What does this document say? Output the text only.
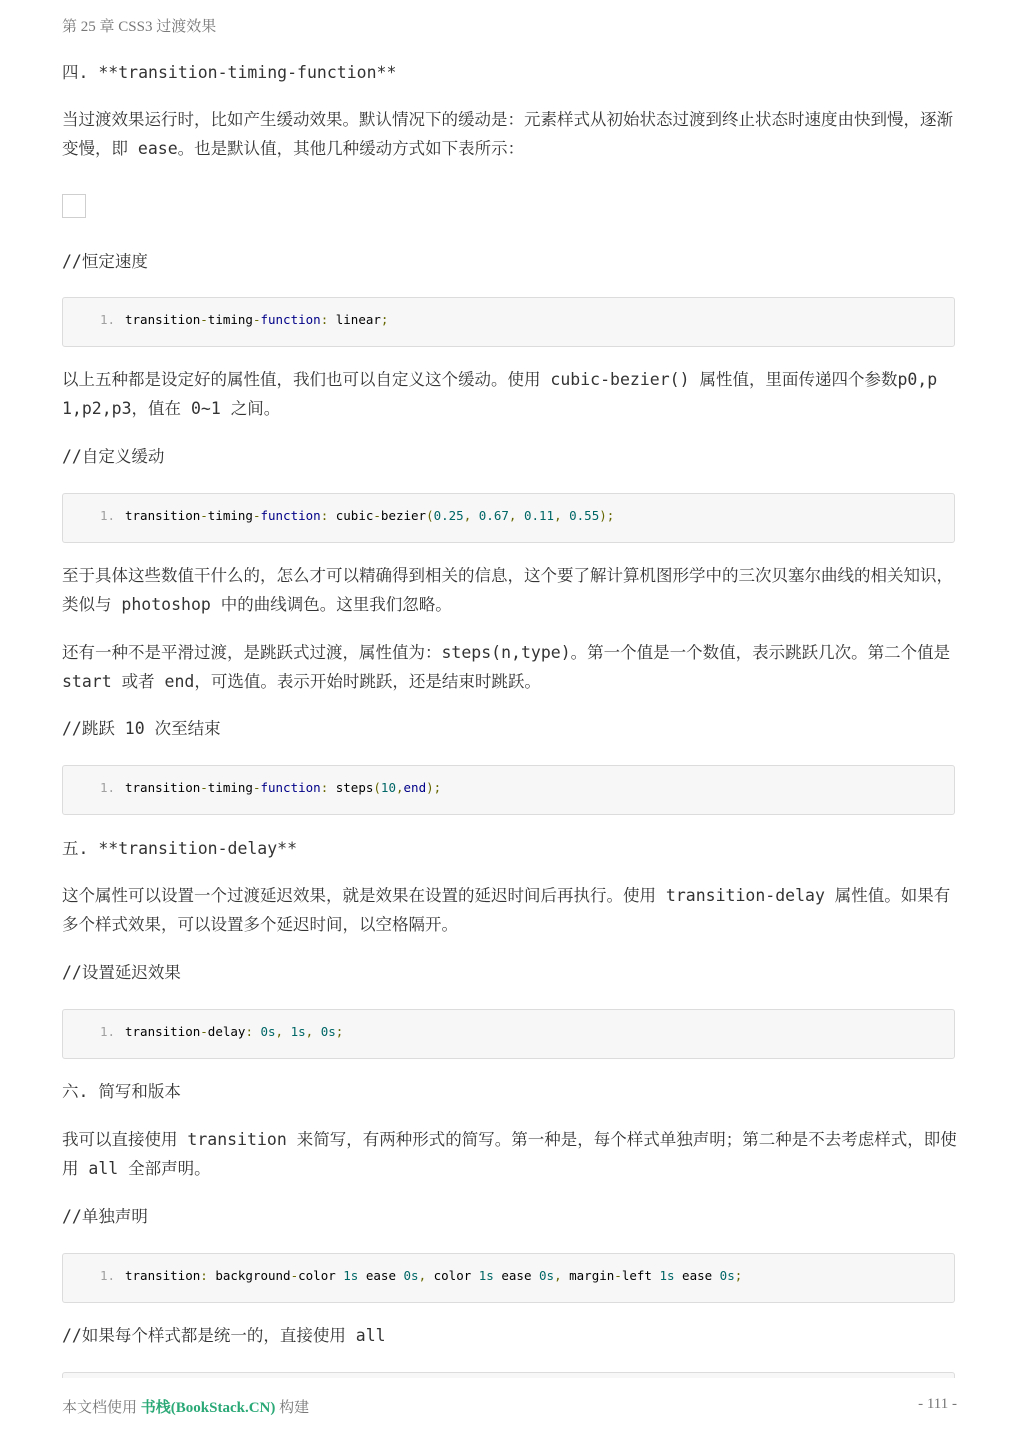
第 25 章 CSS3 过渡效果
四. **transition-timing-function**
当过渡效果运行时，比如产生缓动效果。默认情况下的缓动是：元素样式从初始状态过渡到终止状态时速度由快到慢，逐渐变慢，即 ease。也是默认值，其他几种缓动方式如下表所示：
//恒定速度
1. transition-timing-function: linear;
以上五种都是设定好的属性值，我们也可以自定义这个缓动。使用 cubic-bezier() 属性值，里面传递四个参数p0,p1,p2,p3，值在 0~1 之间。
//自定义缓动
1. transition-timing-function: cubic-bezier(0.25, 0.67, 0.11, 0.55);
至于具体这些数值干什么的，怎么才可以精确得到相关的信息，这个要了解计算机图形学中的三次贝塞尔曲线的相关知识，类似与 photoshop 中的曲线调色。这里我们忽略。
还有一种不是平滑过渡，是跳跃式过渡，属性值为：steps(n,type)。第一个值是一个数值，表示跳跃几次。第二个值是 start 或者 end，可选值。表示开始时跳跃，还是结束时跳跃。
//跳跃 10 次至结束
1. transition-timing-function: steps(10,end);
五. **transition-delay**
这个属性可以设置一个过渡延迟效果，就是效果在设置的延迟时间后再执行。使用 transition-delay 属性值。如果有多个样式效果，可以设置多个延迟时间，以空格隔开。
//设置延迟效果
1. transition-delay: 0s, 1s, 0s;
六. 简写和版本
我可以直接使用 transition 来简写，有两种形式的简写。第一种是，每个样式单独声明；第二种是不去考虑样式，即使用 all 全部声明。
//单独声明
1. transition: background-color 1s ease 0s, color 1s ease 0s, margin-left 1s ease 0s;
//如果每个样式都是统一的，直接使用 all
本文档使用 书栈(BookStack.CN) 构建	- 111 -
